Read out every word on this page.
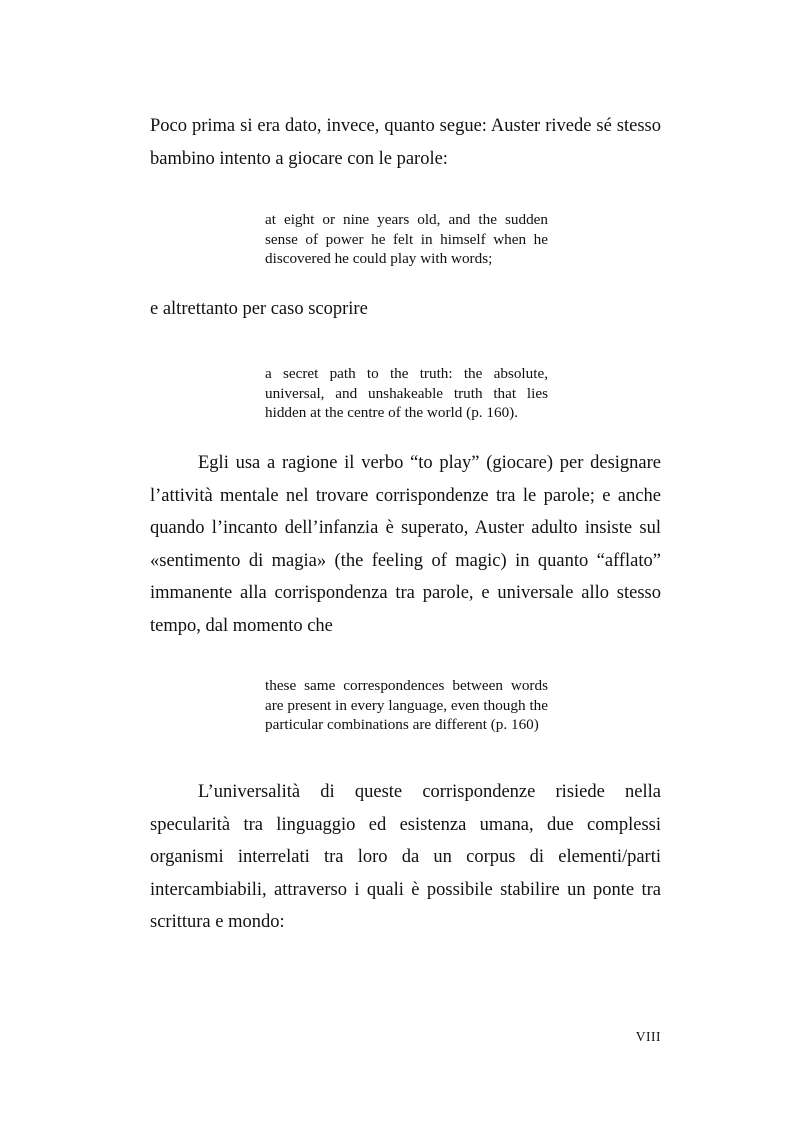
Poco prima si era dato, invece, quanto segue: Auster rivede sé stesso bambino intento a giocare con le parole:

at eight or nine years old, and the sudden sense of power he felt in himself when he discovered he could play with words;

e altrettanto per caso scoprire

a secret path to the truth: the absolute, universal, and unshakeable truth that lies hidden at the centre of the world (p. 160).

Egli usa a ragione il verbo “to play” (giocare) per designare l’attività mentale nel trovare corrispondenze tra le parole; e anche quando l’incanto dell’infanzia è superato, Auster adulto insiste sul «sentimento di magia» (the feeling of magic) in quanto “afflato” immanente alla corrispondenza tra parole, e universale allo stesso tempo, dal momento che

these same correspondences between words are present in every language, even though the particular combinations are different (p. 160)

L’universalità di queste corrispondenze risiede nella specularità tra linguaggio ed esistenza umana, due complessi organismi interrelati tra loro da un corpus di elementi/parti intercambiabili, attraverso i quali è possibile stabilire un ponte tra scrittura e mondo:

VIII
